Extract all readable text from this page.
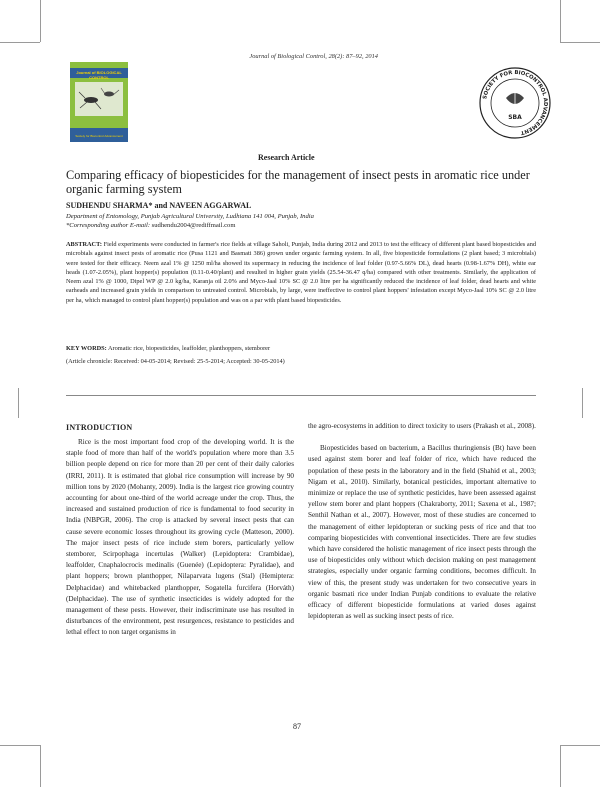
Journal of Biological Control, 28(2): 87–92, 2014
Journal of BIOLOGICAL CONTROL
Society for Biocontrol Advancement
SOCIETY FOR BIOCONTROL ADVANCEMENT
SBA
Research Article
Comparing efficacy of biopesticides for the management of insect pests in aromatic rice under organic farming system
SUDHENDU SHARMA* and NAVEEN AGGARWAL
Department of Entomology, Punjab Agricultural University, Ludhiana 141 004, Punjab, India
*Corresponding author E-mail: sudhendu2004@rediffmail.com
ABSTRACT: Field experiments were conducted in farmer's rice fields at village Saholi, Punjab, India during 2012 and 2013 to test the efficacy of different plant based biopesticides and microbials against insect pests of aromatic rice (Pusa 1121 and Basmati 386) grown under organic farming system. In all, five biopesticide formulations (2 plant based; 3 microbials) were tested for their efficacy. Neem azal 1% @ 1250 ml/ha showed its supermacy in reducing the incidence of leaf folder (0.97-5.66% DL), dead hearts (0.98-1.67% DH), white ear heads (1.07-2.05%), plant hopper(s) population (0.11-0.40/plant) and resulted in higher grain yields (25.54-36.47 q/ha) compared with other treatments. Similarly, the application of Neem azal 1% @ 1000, Dipel WP @ 2.0 kg/ha, Karanja oil 2.0% and Myco-Jaal 10% SC @ 2.0 litre per ha significantly reduced the incidence of leaf folder, dead hearts and white earheads and increased grain yields in comparison to untreated control. Microbials, by large, were ineffective to control plant hoppers' infestation except Myco-Jaal 10% SC @ 2.0 litre per ha, which managed to control plant hopper(s) population and was on a par with plant based biopesticides.
KEY WORDS: Aromatic rice, biopesticides, leaffolder, planthoppers, stemborer
(Article chronicle: Received: 04-05-2014; Revised: 25-5-2014; Accepted: 30-05-2014)
INTRODUCTION

Rice is the most important food crop of the developing world. It is the staple food of more than half of the world's population where more than 3.5 billion people depend on rice for more than 20 per cent of their daily calories (IRRI, 2011). It is estimated that global rice consumption will increase by 90 million tons by 2020 (Mohanty, 2009). India is the largest rice growing country accounting for about one-third of the world acreage under the crop. Thus, the increased and sustained production of rice is fundamental to food security in India (NBPGR, 2006). The crop is attacked by several insect pests that can cause severe economic losses throughout its growing cycle (Matteson, 2000). The major insect pests of rice include stem borers, particularly yellow stemborer, Scirpophaga incertulas (Walker) (Lepidoptera: Crambidae), leaffolder, Cnaphalocrocis medinalis (Guenée) (Lepidoptera: Pyralidae), and plant hoppers; brown planthopper, Nilaparvata lugens (Stal) (Hemiptera: Delphacidae) and whitebacked planthopper, Sogatella furcifera (Horváth) (Delphacidae). The use of synthetic insecticides is widely adopted for the management of these pests. However, their indiscriminate use has resulted in disturbances of the environment, pest resurgences, resistance to pesticides and lethal effect to non target organisms in

the agro-ecosystems in addition to direct toxicity to users (Prakash et al., 2008).

Biopesticides based on bacterium, a Bacillus thuringiensis (Bt) have been used against stem borer and leaf folder of rice, which have reduced the population of these pests in the laboratory and in the field (Shahid et al., 2003; Nigam et al., 2010). Similarly, botanical pesticides, important alternative to minimize or replace the use of synthetic pesticides, have been assessed against yellow stem borer and plant hoppers (Chakraborty, 2011; Saxena et al., 1987; Senthil Nathan et al., 2007). However, most of these studies are concerned to the management of either lepidopteran or sucking pests of rice and that too comparing biopesticides with conventional insecticides. There are few studies which have considered the holistic management of rice insect pests through the use of biopesticides only without which decision making on pest management strategies, especially under organic farming conditions, becomes difficult. In view of this, the present study was undertaken for two consecutive years in organic basmati rice under Indian Punjab conditions to evaluate the relative efficacy of different biopesticide formulations at varied doses against lepidopteran as well as sucking insect pests of rice.

87
